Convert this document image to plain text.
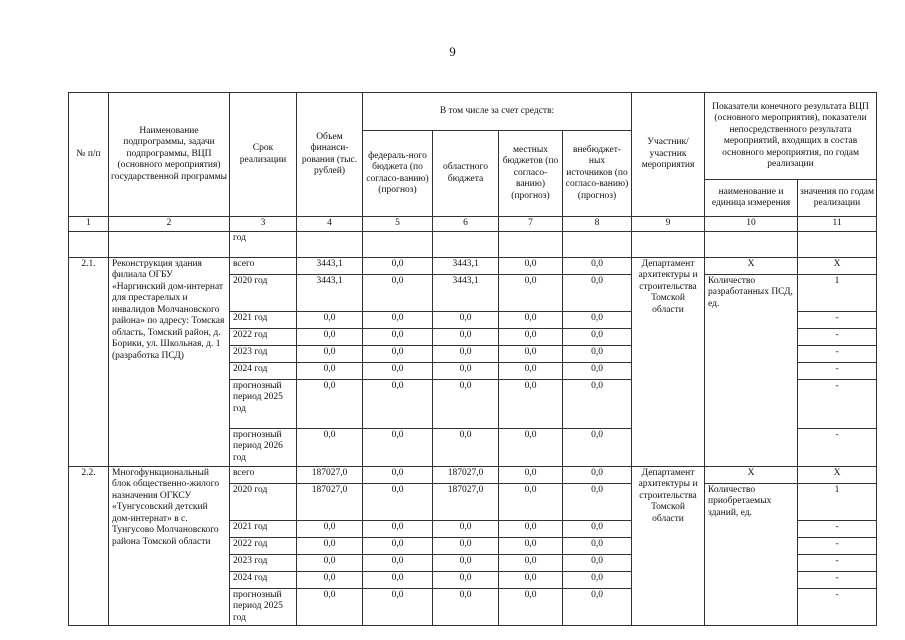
9
№ п/п	Наименование подпрограммы, задачи подпрограммы, ВЦП (основного мероприятия) государственной программы	Срок реализации	Объем финанси-рования (тыс. рублей)	В том числе за счет средств:				Участник/ участник мероприятия	Показатели конечного результата ВЦП (основного мероприятия), показатели непосредственного результата мероприятий, входящих в состав основного мероприятия, по годам реализации	
				федераль-ного бюджета (по согласо-ванию) (прогноз)	областного бюджета	местных бюджетов (по согласо-ванию) (прогноз)	внебюджет-ных источников (по согласо-ванию) (прогноз)			
									наименование и единица измерения	значения по годам реализации
1	2	3	4	5	6	7	8	9	10	11
		год								
2.1.	Реконструкция здания филиала ОГБУ «Наргинский дом-интернат для престарелых и инвалидов Молчановского района» по адресу: Томская область, Томский район, д. Борики, ул. Школьная, д. 1 (разработка ПСД)	всего	3443,1	0,0	3443,1	0,0	0,0	Департамент архитектуры и строительства Томской области	Х	Х
		2020 год	3443,1	0,0	3443,1	0,0	0,0		Количество разработанных ПСД, ед.	1
		2021 год	0,0	0,0	0,0	0,0	0,0			-
		2022 год	0,0	0,0	0,0	0,0	0,0			-
		2023 год	0,0	0,0	0,0	0,0	0,0			-
		2024 год	0,0	0,0	0,0	0,0	0,0			-
		прогнозный период 2025 год	0,0	0,0	0,0	0,0	0,0			-
		прогнозный период 2026 год	0,0	0,0	0,0	0,0	0,0			-
2.2.	Многофункциональный блок общественно-жилого назначения ОГКСУ «Тунгусовский детский дом-интернат» в с. Тунгусово Молчановского района Томской области	всего	187027,0	0,0	187027,0	0,0	0,0	Департамент архитектуры и строительства Томской области	Х	Х
		2020 год	187027,0	0,0	187027,0	0,0	0,0		Количество приобретаемых зданий, ед.	1
		2021 год	0,0	0,0	0,0	0,0	0,0			-
		2022 год	0,0	0,0	0,0	0,0	0,0			-
		2023 год	0,0	0,0	0,0	0,0	0,0			-
		2024 год	0,0	0,0	0,0	0,0	0,0			-
		прогнозный период 2025 год	0,0	0,0	0,0	0,0	0,0			-
